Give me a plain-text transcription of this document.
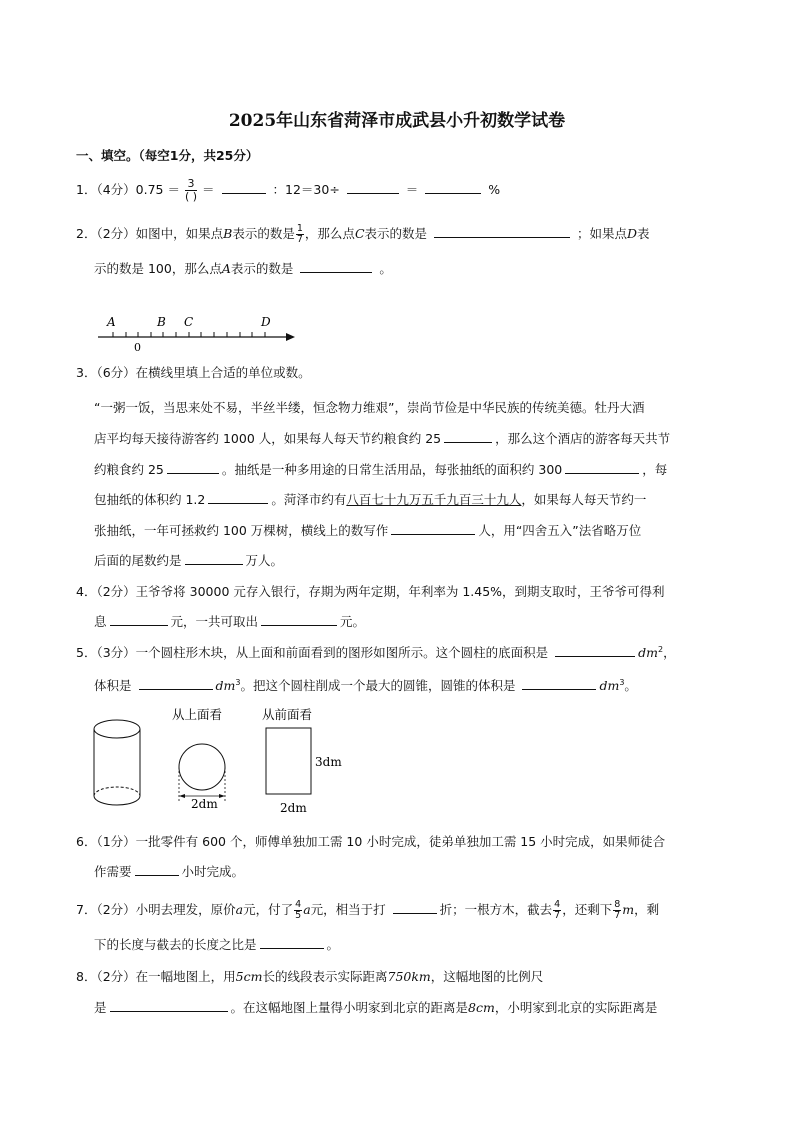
2025年山东省菏泽市成武县小升初数学试卷
一、填空。（每空1分，共25分）
1．（4分）$0.75 = \frac{3}{( )}$ ＝	：12＝30÷	＝	%
2．（2分）如图中，如果点B表示的数是 $\frac{1}{7}$ ，那么点C表示的数是	；如果点D表
示的数是 100，那么点A表示的数是	。
A	B C	D
0
3．（6分）在横线里填上合适的单位或数。
“一粥一饭，当思来处不易，半丝半缕，恒念物力维艰”，崇尚节俭是中华民族的传统美德。牡丹大酒
店平均每天接待游客约 1000 人，如果每人每天节约粮食约 25	，那么这个酒店的游客每天共节
约粮食约 25	。抽纸是一种多用途的日常生活用品，每张抽纸的面积约 300	，每
包抽纸的体积约 1.2	。菏泽市约有八百七十九万五千九百三十九人，如果每人每天节约一
张抽纸，一年可拯救约 100 万棵树，横线上的数写作	人，用“四舍五入”法省略万位
后面的尾数约是	万人。
4．（2分）王爷爷将 30000 元存入银行，存期为两年定期，年利率为 1.45%，到期支取时，王爷爷可得利
息	元，一共可取出	元。
5．（3分）一个圆柱形木块，从上面和前面看到的图形如图所示。这个圆柱的底面积是	$dm^2$，
体积是	$dm^3$。把这个圆柱削成一个最大的圆锥，圆锥的体积是	$dm^3$。
从上面看
2dm
从前面看
3dm
2dm
6．（1分）一批零件有 600 个，师傅单独加工需 10 小时完成，徒弟单独加工需 15 小时完成，如果师徒合
作需要	小时完成。
7．（2分）小明去理发，原价a元，付了 $\frac{4}{5}$ a元，相当于打	折；一根方木，截去 $\frac{4}{7}$ ，还剩下 $\frac{8}{7}$ m，剩
下的长度与截去的长度之比是	。
8．（2分）在一幅地图上，用5cm长的线段表示实际距离750km，这幅地图的比例尺
是	。在这幅地图上量得小明家到北京的距离是8cm，小明家到北京的实际距离是
